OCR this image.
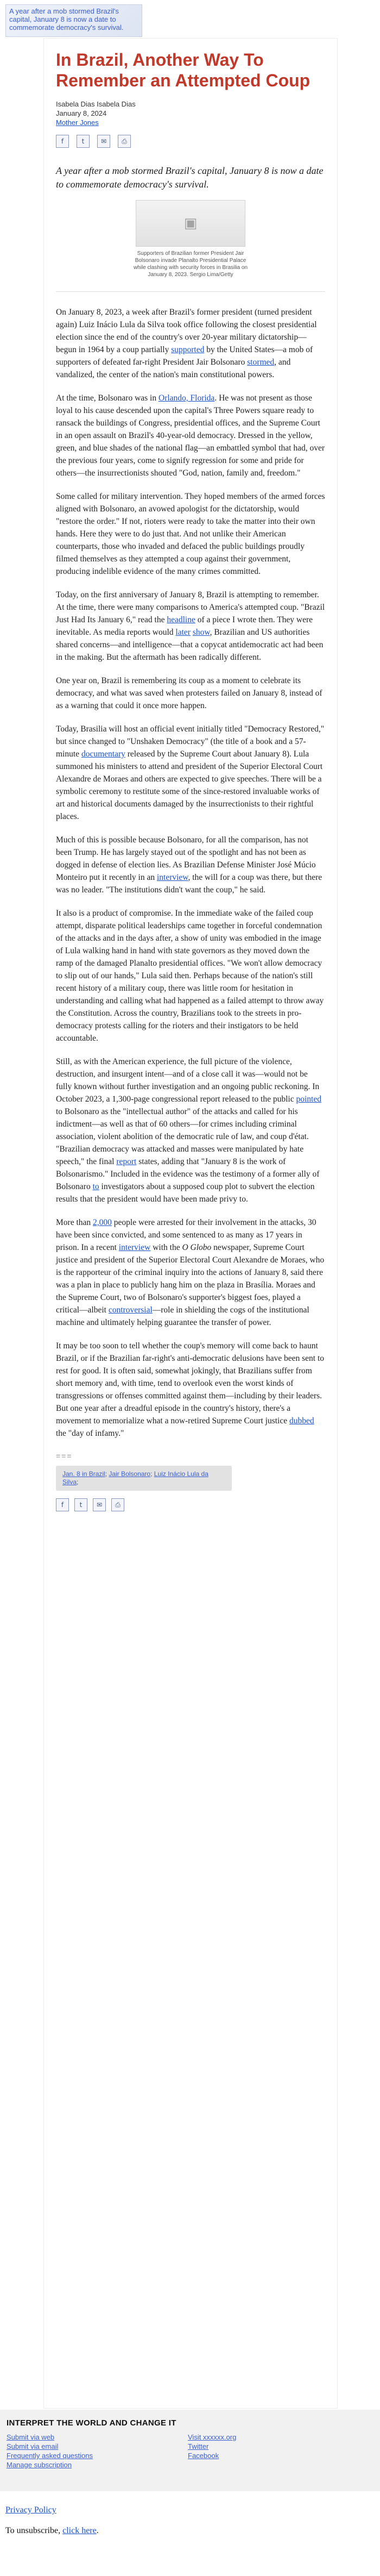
A year after a mob stormed Brazil's capital, January 8 is now a date to commemorate democracy's survival.
In Brazil, Another Way To Remember an Attempted Coup
Isabela Dias Isabela Dias
January 8, 2024
Mother Jones
f	t	✉	⎙
A year after a mob stormed Brazil's capital, January 8 is now a date to commemorate democracy's survival.
▣
Supporters of Brazilian former President Jair Bolsonaro invade Planalto Presidential Palace while clashing with security forces in Brasilia on January 8, 2023. Sergio Lima/Getty

On January 8, 2023, a week after Brazil's former president (turned president again) Luiz Inácio Lula da Silva took office following the closest presidential election since the end of the country's over 20-year military dictatorship—begun in 1964 by a coup partially supported by the United States—a mob of supporters of defeated far-right President Jair Bolsonaro stormed, and vandalized, the center of the nation's main constitutional powers.

At the time, Bolsonaro was in Orlando, Florida. He was not present as those loyal to his cause descended upon the capital's Three Powers square ready to ransack the buildings of Congress, presidential offices, and the Supreme Court in an open assault on Brazil's 40-year-old democracy. Dressed in the yellow, green, and blue shades of the national flag—an embattled symbol that had, over the previous four years, come to signify regression for some and pride for others—the insurrectionists shouted "God, nation, family and, freedom."

Some called for military intervention. They hoped members of the armed forces aligned with Bolsonaro, an avowed apologist for the dictatorship, would "restore the order." If not, rioters were ready to take the matter into their own hands. Here they were to do just that. And not unlike their American counterparts, those who invaded and defaced the public buildings proudly filmed themselves as they attempted a coup against their government, producing indelible evidence of the many crimes committed.

Today, on the first anniversary of January 8, Brazil is attempting to remember. At the time, there were many comparisons to America's attempted coup. "Brazil Just Had Its January 6," read the headline of a piece I wrote then. They were inevitable. As media reports would later show, Brazilian and US authorities shared concerns—and intelligence—that a copycat antidemocratic act had been in the making. But the aftermath has been radically different.

One year on, Brazil is remembering its coup as a moment to celebrate its democracy, and what was saved when protesters failed on January 8, instead of as a warning that could it once more happen.

Today, Brasilia will host an official event initially titled "Democracy Restored," but since changed to "Unshaken Democracy" (the title of a book and a 57-minute documentary released by the Supreme Court about January 8). Lula summoned his ministers to attend and president of the Superior Electoral Court Alexandre de Moraes and others are expected to give speeches. There will be a symbolic ceremony to restitute some of the since-restored invaluable works of art and historical documents damaged by the insurrectionists to their rightful places.

Much of this is possible because Bolsonaro, for all the comparison, has not been Trump. He has largely stayed out of the spotlight and has not been as dogged in defense of election lies. As Brazilian Defense Minister José Múcio Monteiro put it recently in an interview, the will for a coup was there, but there was no leader. "The institutions didn't want the coup," he said.

It also is a product of compromise. In the immediate wake of the failed coup attempt, disparate political leaderships came together in forceful condemnation of the attacks and in the days after, a show of unity was embodied in the image of Lula walking hand in hand with state governors as they moved down the ramp of the damaged Planalto presidential offices. "We won't allow democracy to slip out of our hands," Lula said then. Perhaps because of the nation's still recent history of a military coup, there was little room for hesitation in understanding and calling what had happened as a failed attempt to throw away the Constitution. Across the country, Brazilians took to the streets in pro-democracy protests calling for the rioters and their instigators to be held accountable.

Still, as with the American experience, the full picture of the violence, destruction, and insurgent intent—and of a close call it was—would not be fully known without further investigation and an ongoing public reckoning. In October 2023, a 1,300-page congressional report released to the public pointed to Bolsonaro as the "intellectual author" of the attacks and called for his indictment—as well as that of 60 others—for crimes including criminal association, violent abolition of the democratic rule of law, and coup d'état. "Brazilian democracy was attacked and masses were manipulated by hate speech," the final report states, adding that "January 8 is the work of Bolsonarismo." Included in the evidence was the testimony of a former ally of Bolsonaro to investigators about a supposed coup plot to subvert the election results that the president would have been made privy to.

More than 2,000 people were arrested for their involvement in the attacks, 30 have been since convicted, and some sentenced to as many as 17 years in prison. In a recent interview with the O Globo newspaper, Supreme Court justice and president of the Superior Electoral Court Alexandre de Moraes, who is the rapporteur of the criminal inquiry into the actions of January 8, said there was a plan in place to publicly hang him on the plaza in Brasília. Moraes and the Supreme Court, two of Bolsonaro's supporter's biggest foes, played a critical—albeit controversial—role in shielding the cogs of the institutional machine and ultimately helping guarantee the transfer of power.

It may be too soon to tell whether the coup's memory will come back to haunt Brazil, or if the Brazilian far-right's anti-democratic delusions have been sent to rest for good. It is often said, somewhat jokingly, that Brazilians suffer from short memory and, with time, tend to overlook even the worst kinds of transgressions or offenses committed against them—including by their leaders. But one year after a dreadful episode in the country's history, there's a movement to memorialize what a now-retired Supreme Court justice dubbed the "day of infamy."

===
Jan. 8 in Brazil; Jair Bolsonaro; Luiz Inácio Lula da Silva;
f	t	✉	⎙
INTERPRET THE WORLD AND CHANGE IT
Submit via web
Submit via email
Frequently asked questions
Manage subscription
Visit xxxxxx.org
Twitter
Facebook
Privacy Policy
To unsubscribe, click here.
